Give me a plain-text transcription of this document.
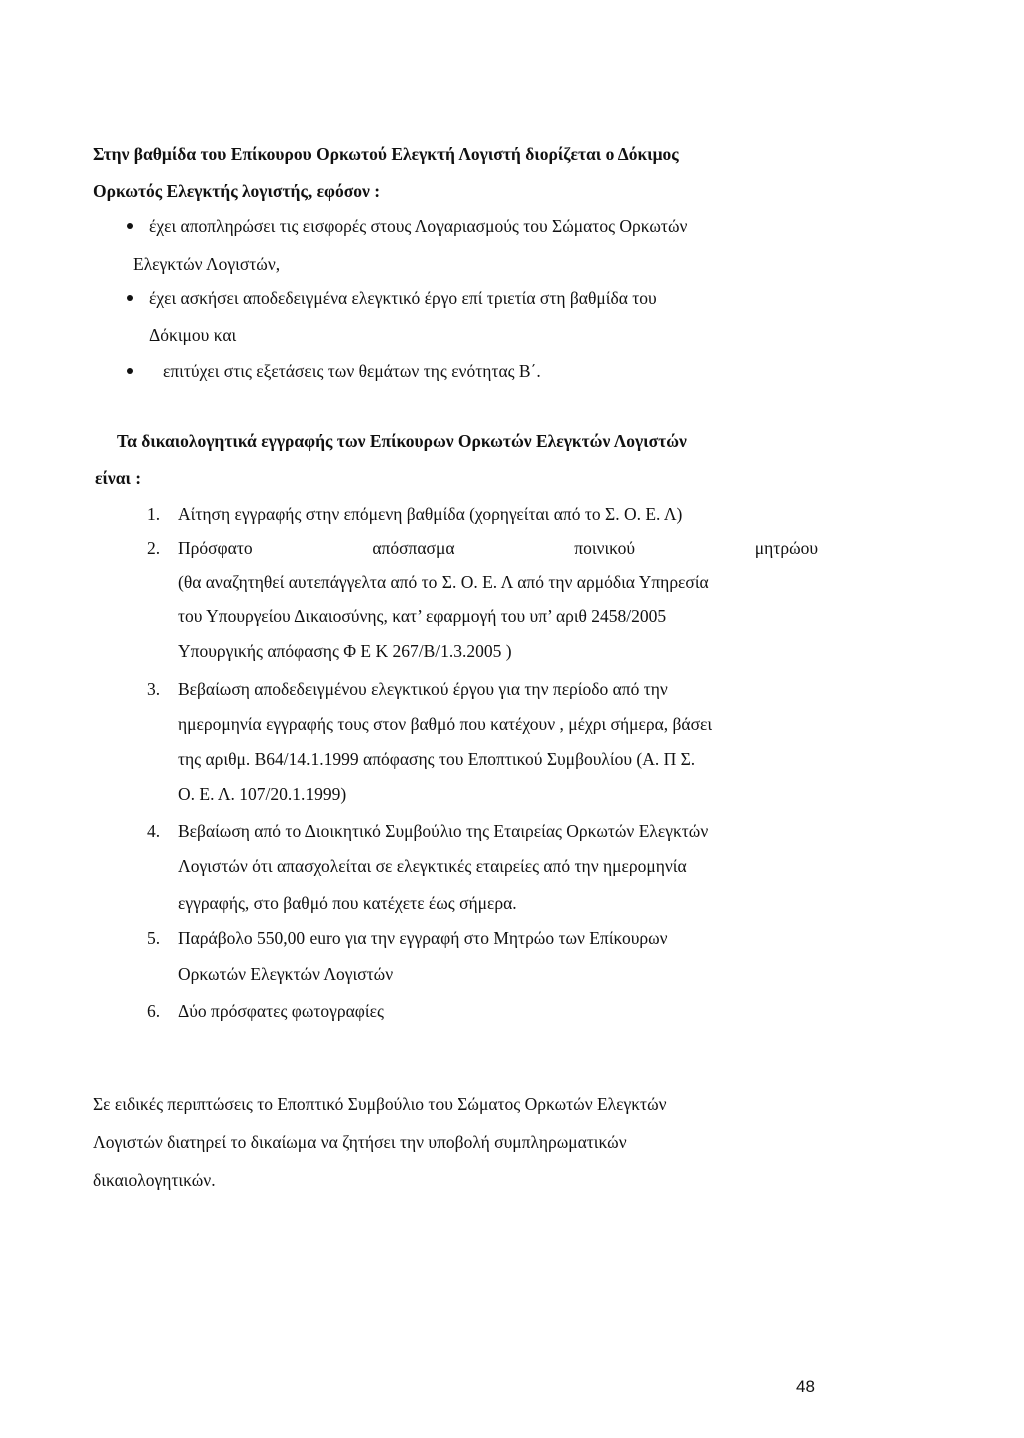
Στην βαθμίδα του Επίκουρου Ορκωτού Ελεγκτή Λογιστή διορίζεται ο Δόκιμος
Ορκωτός Ελεγκτής λογιστής, εφόσον :
έχει αποπληρώσει τις εισφορές στους Λογαριασμούς του Σώματος Ορκωτών
Ελεγκτών Λογιστών,
έχει ασκήσει αποδεδειγμένα ελεγκτικό έργο επί τριετία στη βαθμίδα του
Δόκιμου και
επιτύχει στις εξετάσεις των θεμάτων της ενότητας Β΄.
Τα δικαιολογητικά εγγραφής των Επίκουρων Ορκωτών Ελεγκτών Λογιστών
είναι :
1. Αίτηση εγγραφής στην επόμενη βαθμίδα (χορηγείται από το Σ. Ο. Ε. Λ)
2. Πρόσφατο	απόσπασμα	ποινικού	μητρώου
(θα αναζητηθεί αυτεπάγγελτα από το Σ. Ο. Ε. Λ από την αρμόδια Υπηρεσία
του Υπουργείου Δικαιοσύνης, κατ’ εφαρμογή του υπ’ αριθ 2458/2005
Υπουργικής απόφασης Φ Ε Κ 267/Β/1.3.2005 )
3. Βεβαίωση αποδεδειγμένου ελεγκτικού έργου για την περίοδο από την
ημερομηνία εγγραφής τους στον βαθμό που κατέχουν , μέχρι σήμερα, βάσει
της αριθμ. Β64/14.1.1999 απόφασης του Εποπτικού Συμβουλίου (Α. Π Σ.
Ο. Ε. Λ. 107/20.1.1999)
4. Βεβαίωση από το Διοικητικό Συμβούλιο της Εταιρείας Ορκωτών Ελεγκτών
Λογιστών ότι απασχολείται σε ελεγκτικές εταιρείες από την ημερομηνία
εγγραφής, στο βαθμό που κατέχετε έως σήμερα.
5. Παράβολο 550,00 euro για την εγγραφή στο Μητρώο των Επίκουρων
Ορκωτών Ελεγκτών Λογιστών
6. Δύο πρόσφατες φωτογραφίες
Σε ειδικές περιπτώσεις το Εποπτικό Συμβούλιο του Σώματος Ορκωτών Ελεγκτών
Λογιστών διατηρεί το δικαίωμα να ζητήσει την υποβολή συμπληρωματικών
δικαιολογητικών.
48
